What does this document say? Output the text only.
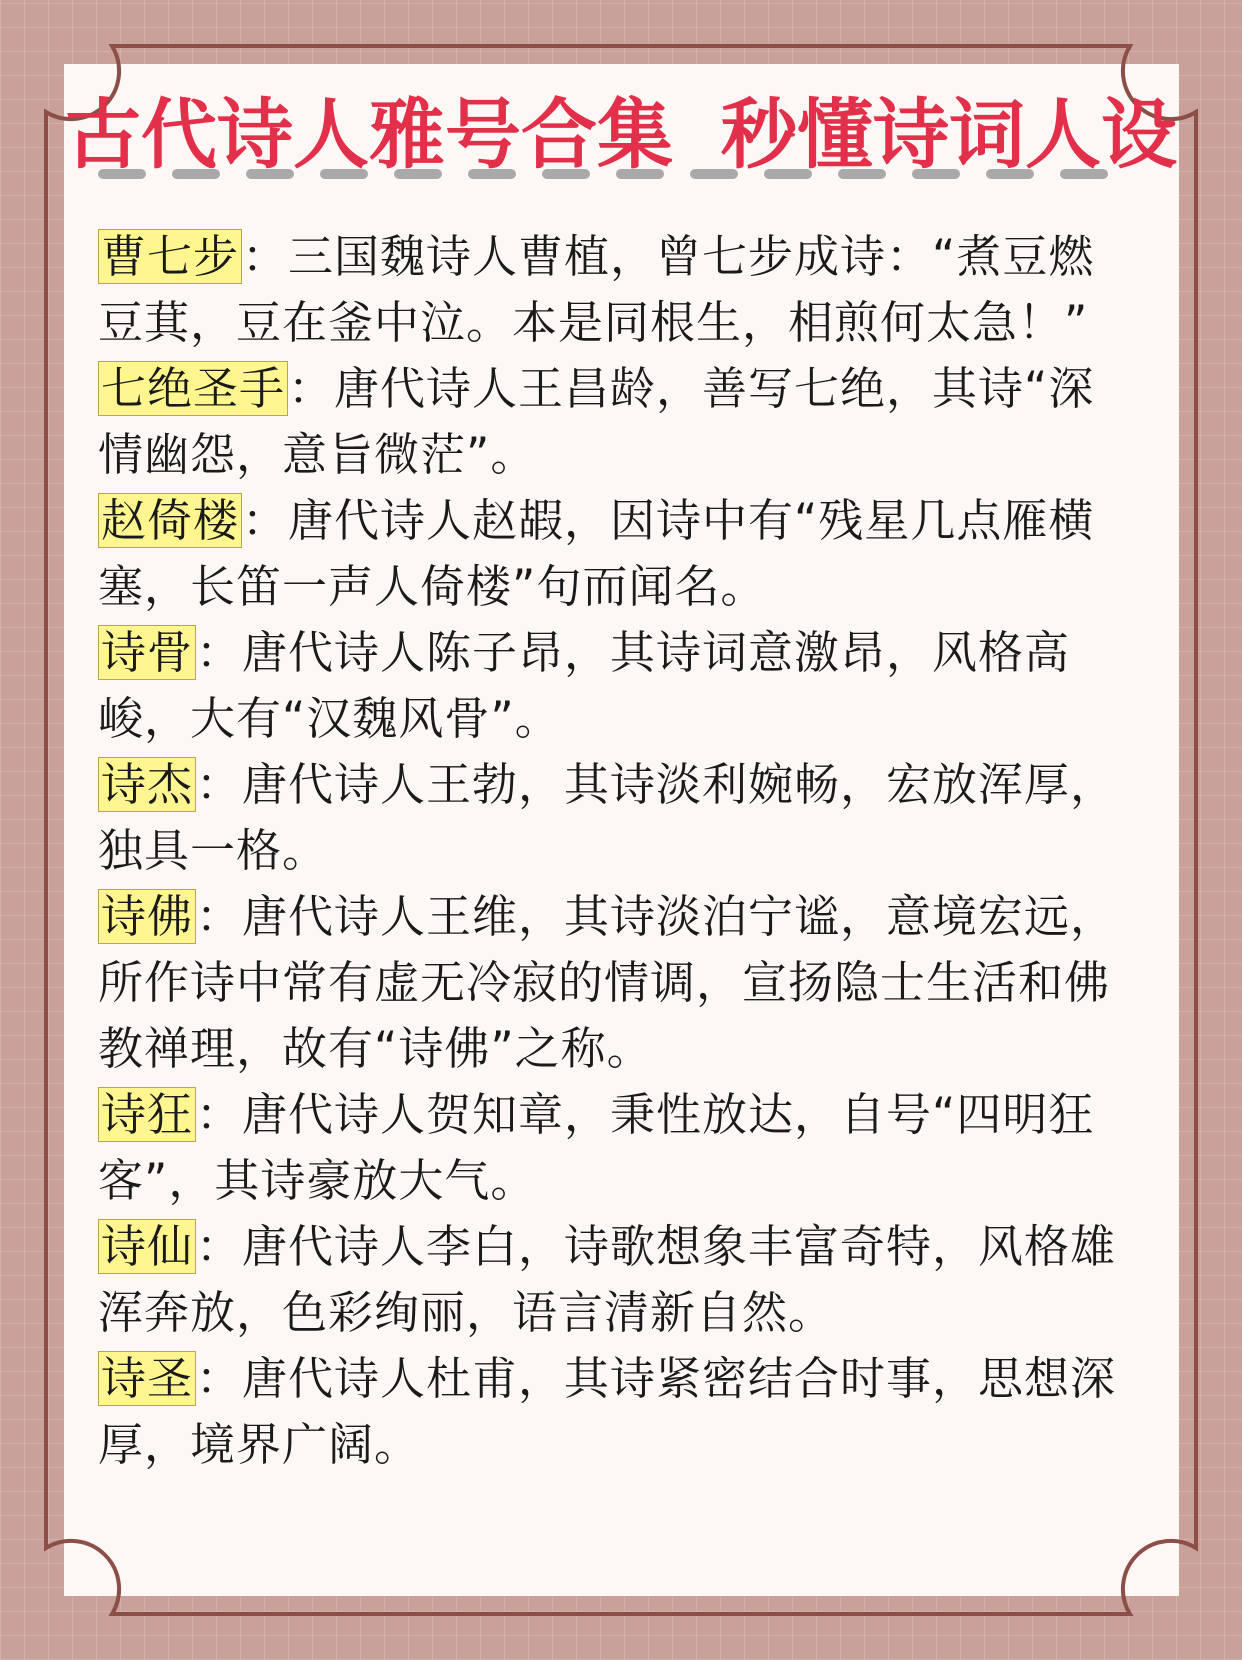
古代诗人雅号合集 秒懂诗词人设

曹七步：三国魏诗人曹植，曾七步成诗：“煮豆燃豆萁，豆在釜中泣。本是同根生，相煎何太急！”

七绝圣手：唐代诗人王昌龄，善写七绝，其诗“深情幽怨，意旨微茫”。

赵倚楼：唐代诗人赵嘏，因诗中有“残星几点雁横塞，长笛一声人倚楼”句而闻名。

诗骨：唐代诗人陈子昂，其诗词意激昂，风格高峻，大有“汉魏风骨”。

诗杰：唐代诗人王勃，其诗淡利婉畅，宏放浑厚，独具一格。

诗佛：唐代诗人王维，其诗淡泊宁谧，意境宏远，所作诗中常有虚无冷寂的情调，宣扬隐士生活和佛教禅理，故有“诗佛”之称。

诗狂：唐代诗人贺知章，秉性放达，自号“四明狂客”，其诗豪放大气。

诗仙：唐代诗人李白，诗歌想象丰富奇特，风格雄浑奔放，色彩绚丽，语言清新自然。

诗圣：唐代诗人杜甫，其诗紧密结合时事，思想深厚，境界广阔。
